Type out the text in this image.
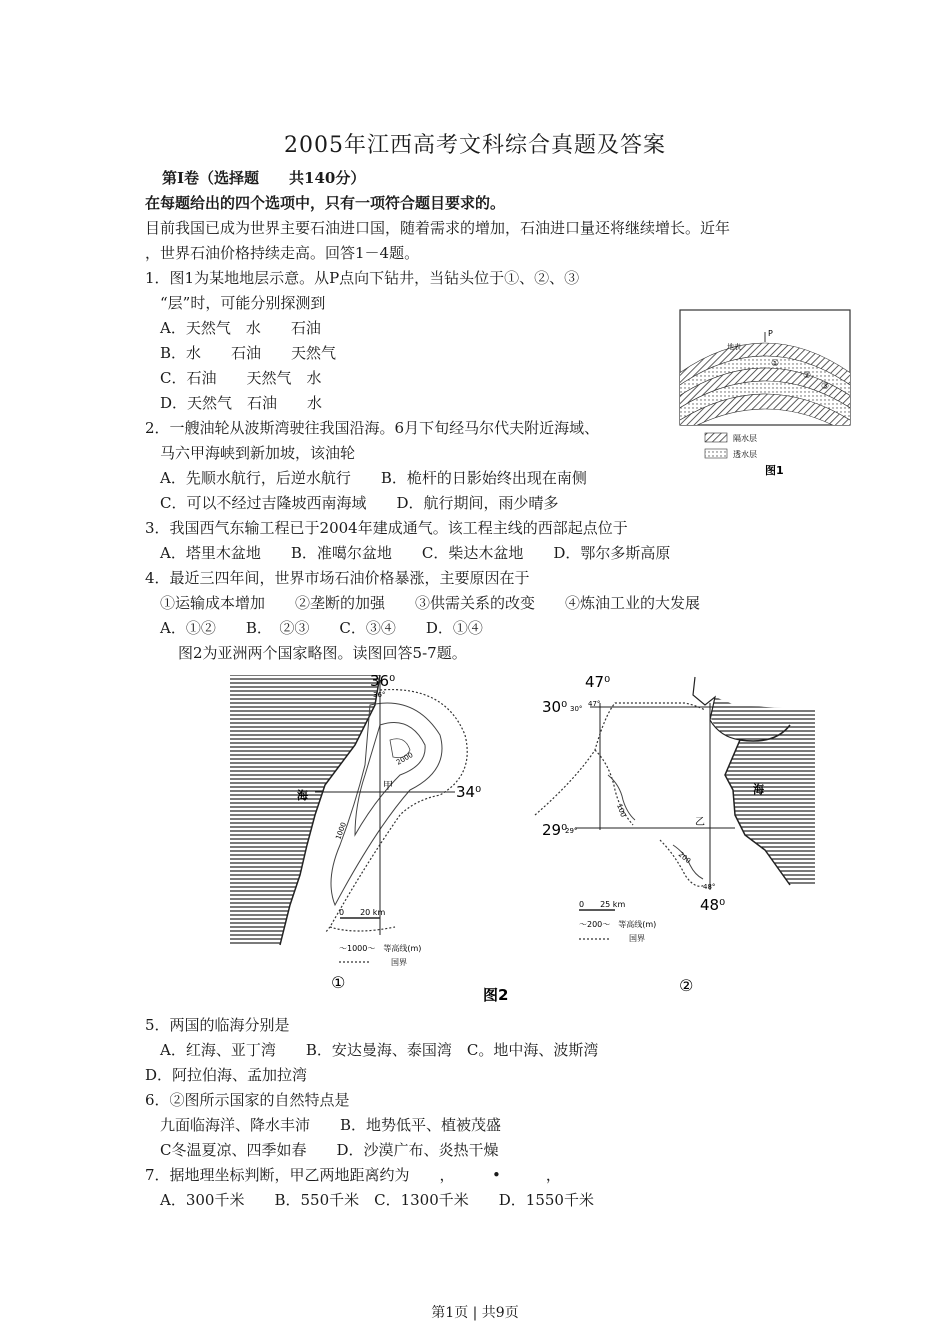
2005年江西高考文科综合真题及答案
第I卷（选择题　　共140分）
在每题给出的四个选项中，只有一项符合题目要求的。
目前我国已成为世界主要石油进口国，随着需求的增加，石油进口量还将继续增长。近年
，世界石油价格持续走高。回答1－4题。
1．图1为某地地层示意。从P点向下钻井，当钻头位于①、②、③
“层”时，可能分别探测到
A．天然气　水　　石油
B．水　　石油　　天然气
C．石油　　天然气　水
D．天然气　石油　　水
2．一艘油轮从波斯湾驶往我国沿海。6月下旬经马尔代夫附近海域、
马六甲海峡到新加坡，该油轮
A．先顺水航行，后逆水航行　　B．桅杆的日影始终出现在南侧
C．可以不经过吉隆坡西南海域　　D．航行期间，雨少晴多
3．我国西气东输工程已于2004年建成通气。该工程主线的西部起点位于
A．塔里木盆地　　B．准噶尔盆地　　C．柴达木盆地　　D．鄂尔多斯高原
4．最近三四年间，世界市场石油价格暴涨，主要原因在于
①运输成本增加　　②垄断的加强　　③供需关系的改变　　④炼油工业的大发展
A．①②　　B．　②③　　C．③④　　D．①④
图2为亚洲两个国家略图。读图回答5-7题。
P
地表
①
②
③
隔水层
透水层
图1
36⁰
36°
34⁰
海
甲
1000
2000
0　　20 km
～1000～　等高线(m)
国界
①
47⁰
47°
30⁰ 30°
29⁰
29°
48⁰
48°
海
乙
100
200
0　　25 km
～200～　等高线(m)
国界
②
图2
5．两国的临海分别是
A．红海、亚丁湾　　B．安达曼海、泰国湾　C。地中海、波斯湾
D．阿拉伯海、孟加拉湾
6．②图所示国家的自然特点是
九面临海洋、降水丰沛　　B．地势低平、植被茂盛
C冬温夏凉、四季如春　　D．沙漠广布、炎热干燥
7．据地理坐标判断，甲乙两地距离约为　　，　　　•　　　，
A．300千米　　B．550千米　C．1300千米　　D．1550千米
第1页 | 共9页
